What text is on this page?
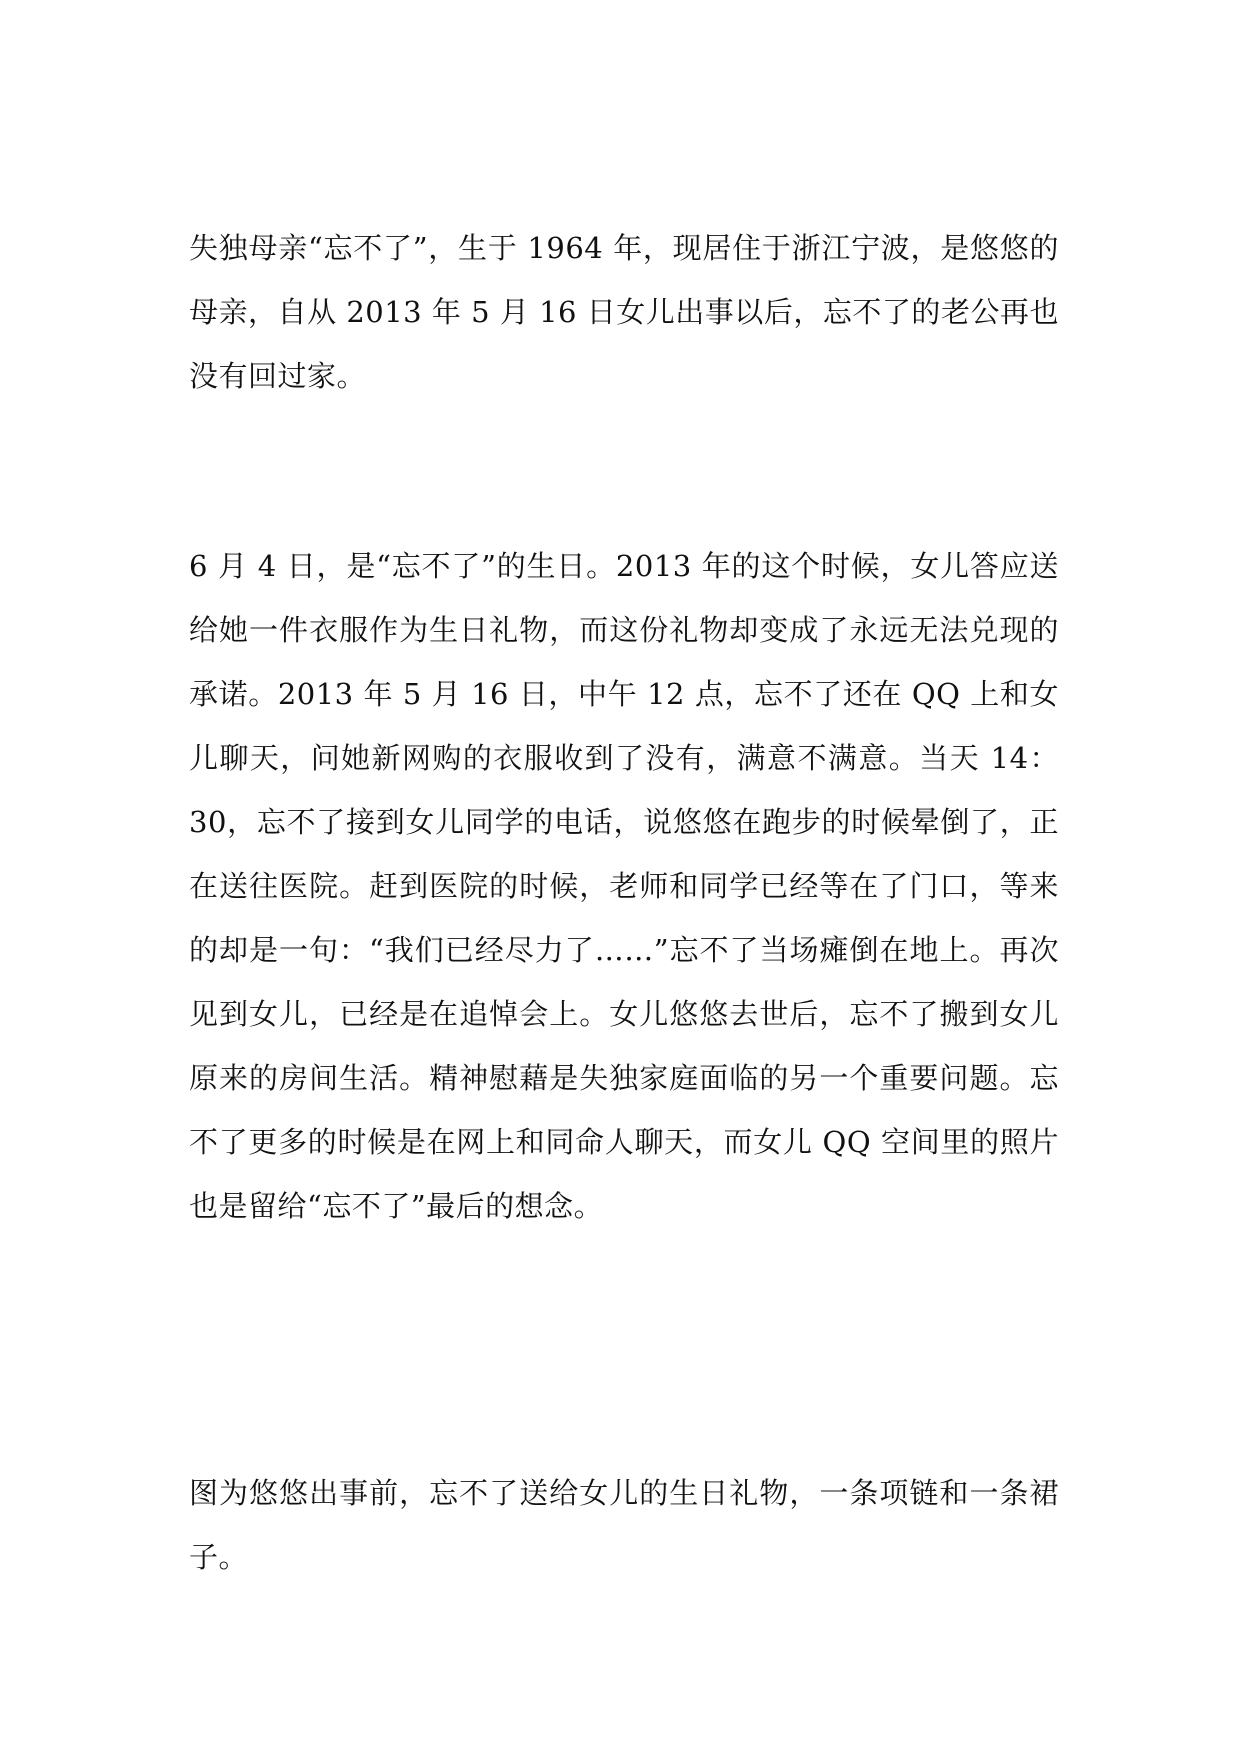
失独母亲“忘不了”，生于 1964 年，现居住于浙江宁波，是悠悠的母亲，自从 2013 年 5 月 16 日女儿出事以后，忘不了的老公再也没有回过家。

6 月 4 日，是“忘不了”的生日。2013 年的这个时候，女儿答应送给她一件衣服作为生日礼物，而这份礼物却变成了永远无法兑现的承诺。2013 年 5 月 16 日，中午 12 点，忘不了还在 QQ 上和女儿聊天，问她新网购的衣服收到了没有，满意不满意。当天 14：30，忘不了接到女儿同学的电话，说悠悠在跑步的时候晕倒了，正在送往医院。赶到医院的时候，老师和同学已经等在了门口，等来的却是一句：“我们已经尽力了……”忘不了当场瘫倒在地上。再次见到女儿，已经是在追悼会上。女儿悠悠去世后，忘不了搬到女儿原来的房间生活。精神慰藉是失独家庭面临的另一个重要问题。忘不了更多的时候是在网上和同命人聊天，而女儿 QQ 空间里的照片也是留给“忘不了”最后的想念。

图为悠悠出事前，忘不了送给女儿的生日礼物，一条项链和一条裙子。
